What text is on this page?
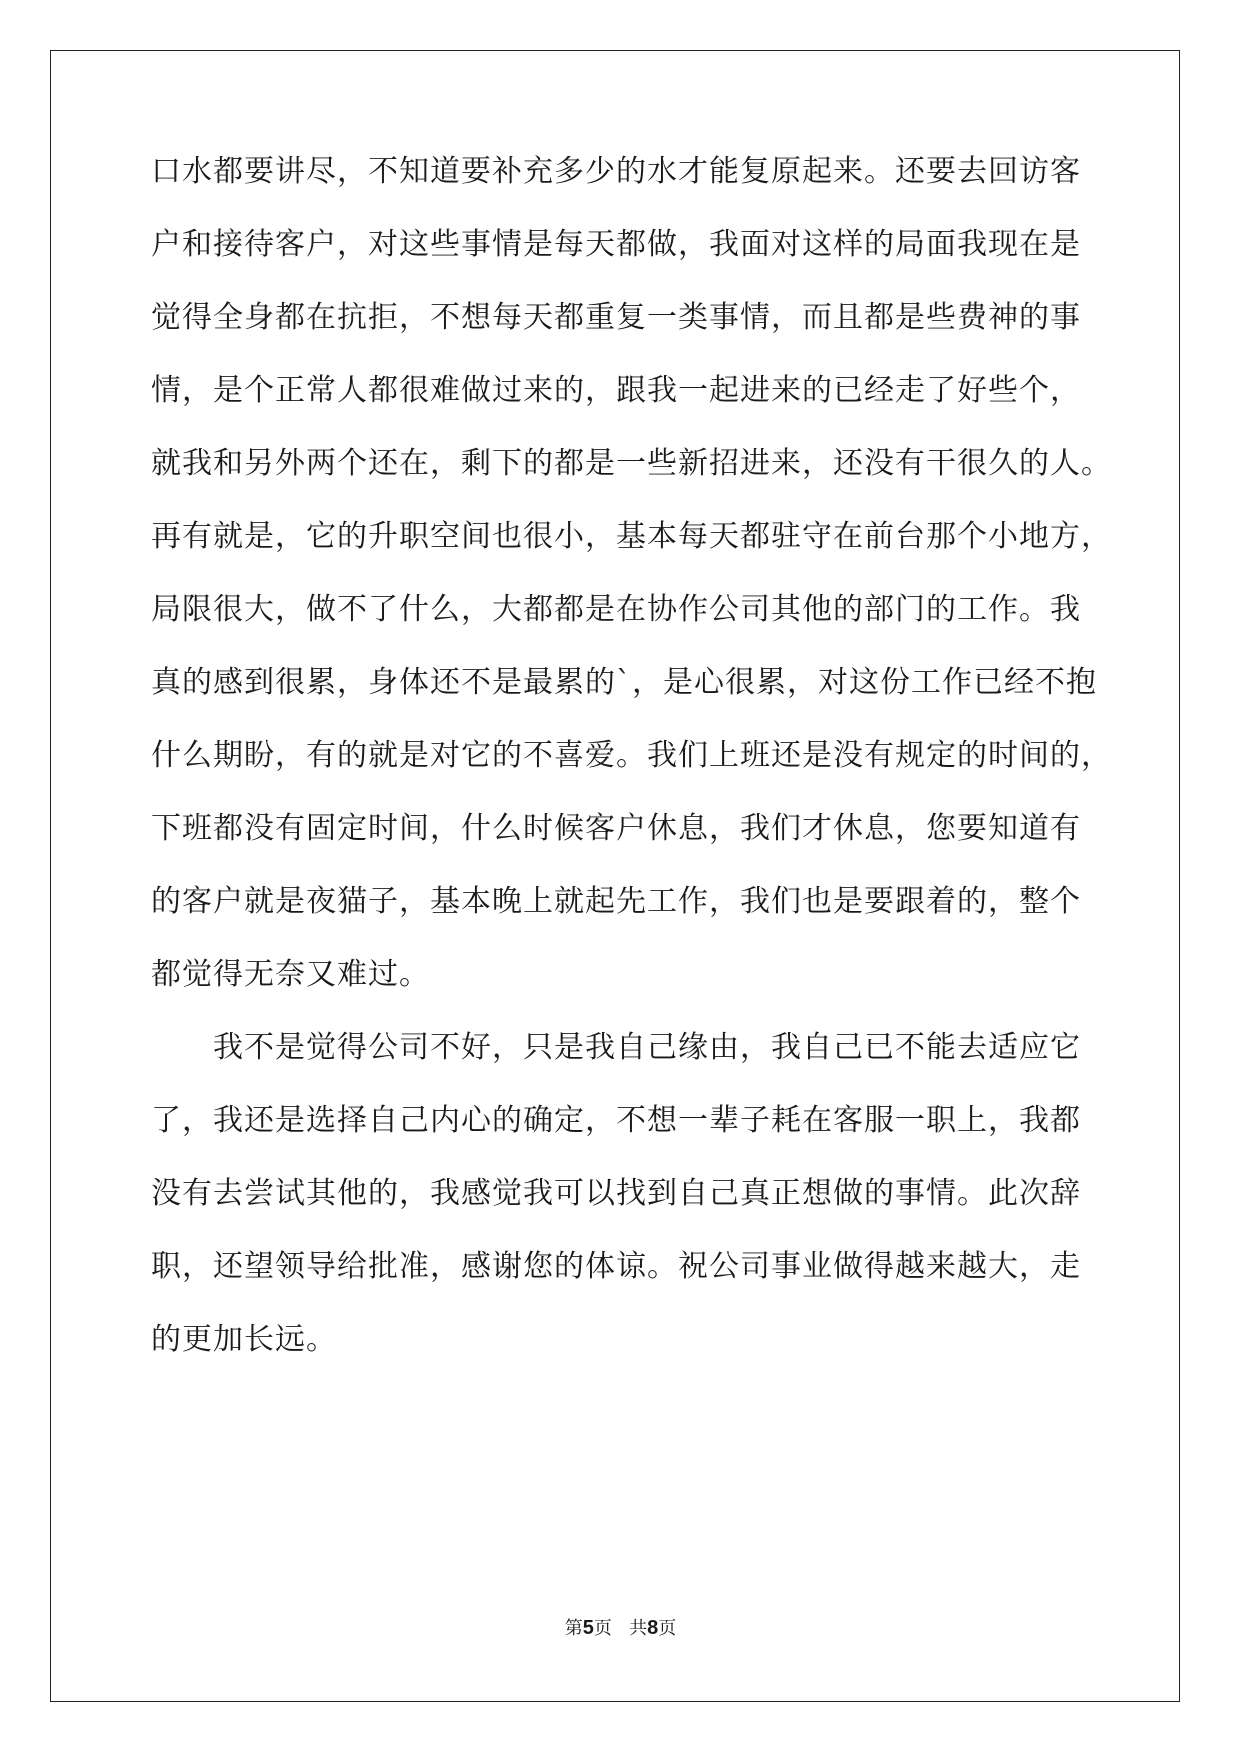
口水都要讲尽，不知道要补充多少的水才能复原起来。还要去回访客
户和接待客户，对这些事情是每天都做，我面对这样的局面我现在是
觉得全身都在抗拒，不想每天都重复一类事情，而且都是些费神的事
情，是个正常人都很难做过来的，跟我一起进来的已经走了好些个，
就我和另外两个还在，剩下的都是一些新招进来，还没有干很久的人。
再有就是，它的升职空间也很小，基本每天都驻守在前台那个小地方，
局限很大，做不了什么，大都都是在协作公司其他的部门的工作。我
真的感到很累，身体还不是最累的`，是心很累，对这份工作已经不抱
什么期盼，有的就是对它的不喜爱。我们上班还是没有规定的时间的，
下班都没有固定时间，什么时候客户休息，我们才休息，您要知道有
的客户就是夜猫子，基本晚上就起先工作，我们也是要跟着的，整个
都觉得无奈又难过。
我不是觉得公司不好，只是我自己缘由，我自己已不能去适应它
了，我还是选择自己内心的确定，不想一辈子耗在客服一职上，我都
没有去尝试其他的，我感觉我可以找到自己真正想做的事情。此次辞
职，还望领导给批准，感谢您的体谅。祝公司事业做得越来越大，走
的更加长远。
第5页 共8页
